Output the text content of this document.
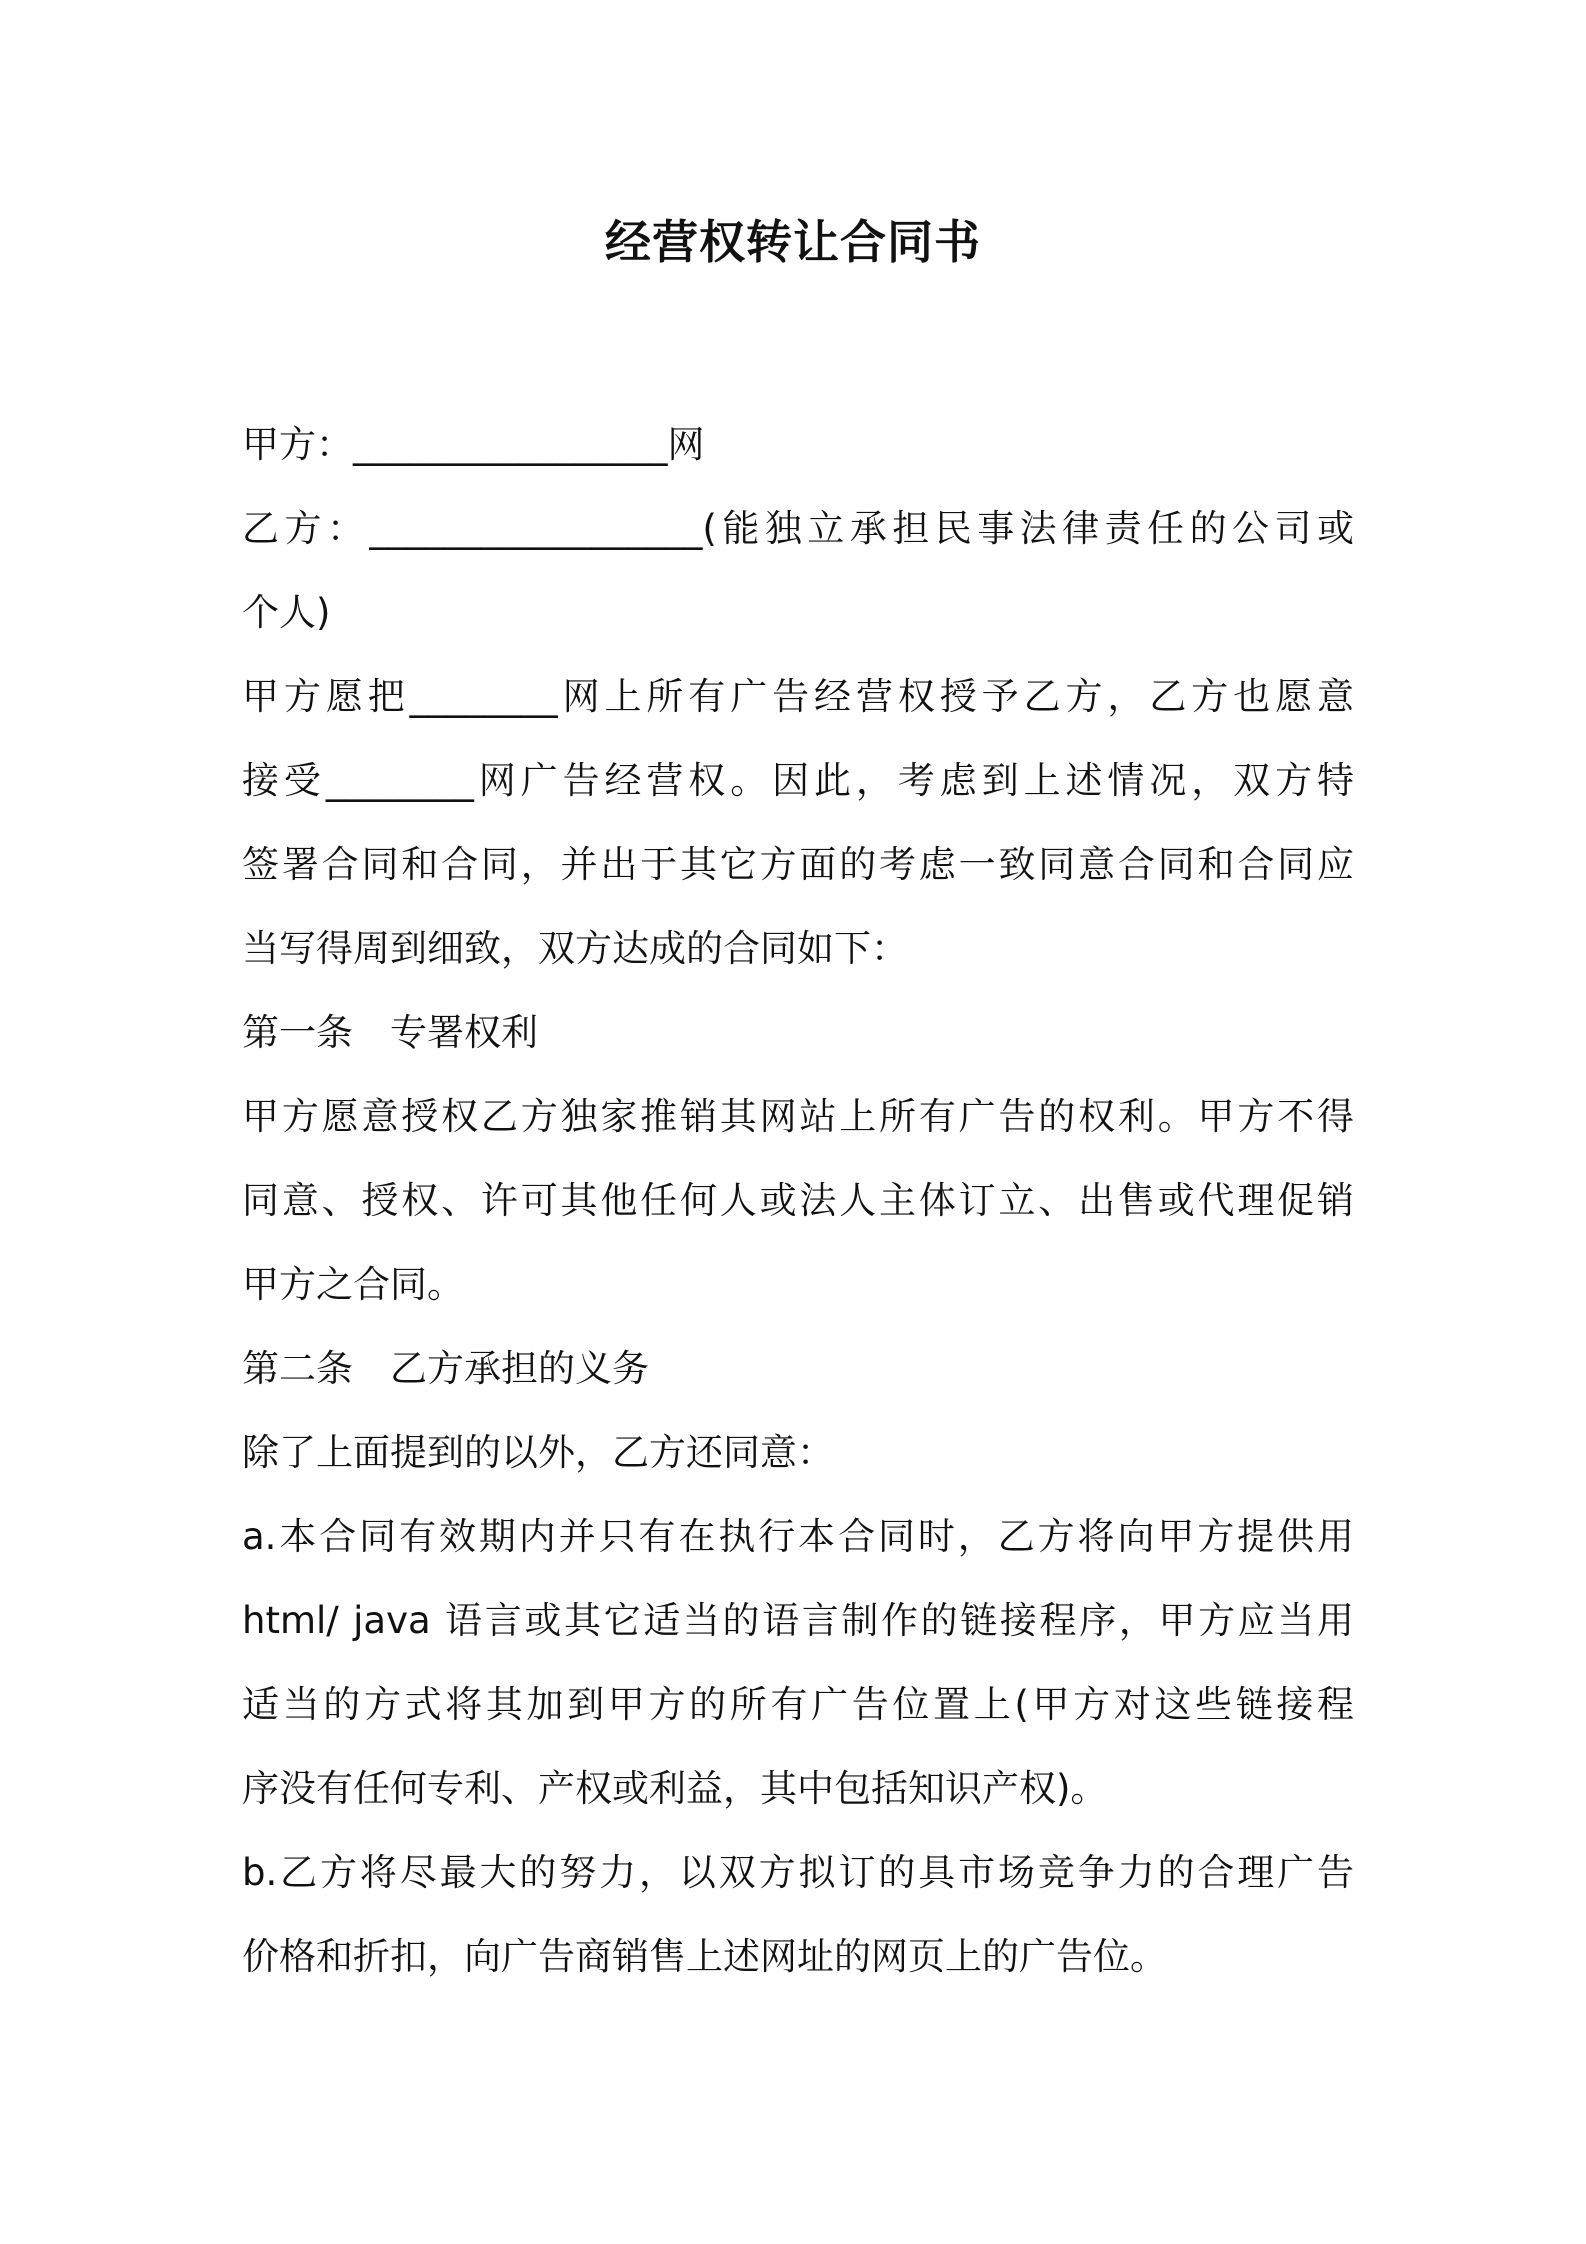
经营权转让合同书
甲方：_________________网
乙方：__________________(能独立承担民事法律责任的公司或
个人)
甲方愿把________网上所有广告经营权授予乙方，乙方也愿意
接受________网广告经营权。因此，考虑到上述情况，双方特
签署合同和合同，并出于其它方面的考虑一致同意合同和合同应
当写得周到细致，双方达成的合同如下：
第一条　专署权利
甲方愿意授权乙方独家推销其网站上所有广告的权利。甲方不得
同意、授权、许可其他任何人或法人主体订立、出售或代理促销
甲方之合同。
第二条　乙方承担的义务
除了上面提到的以外，乙方还同意：
a.本合同有效期内并只有在执行本合同时，乙方将向甲方提供用
html/ java 语言或其它适当的语言制作的链接程序，甲方应当用
适当的方式将其加到甲方的所有广告位置上(甲方对这些链接程
序没有任何专利、产权或利益，其中包括知识产权)。
b.乙方将尽最大的努力，以双方拟订的具市场竞争力的合理广告
价格和折扣，向广告商销售上述网址的网页上的广告位。
